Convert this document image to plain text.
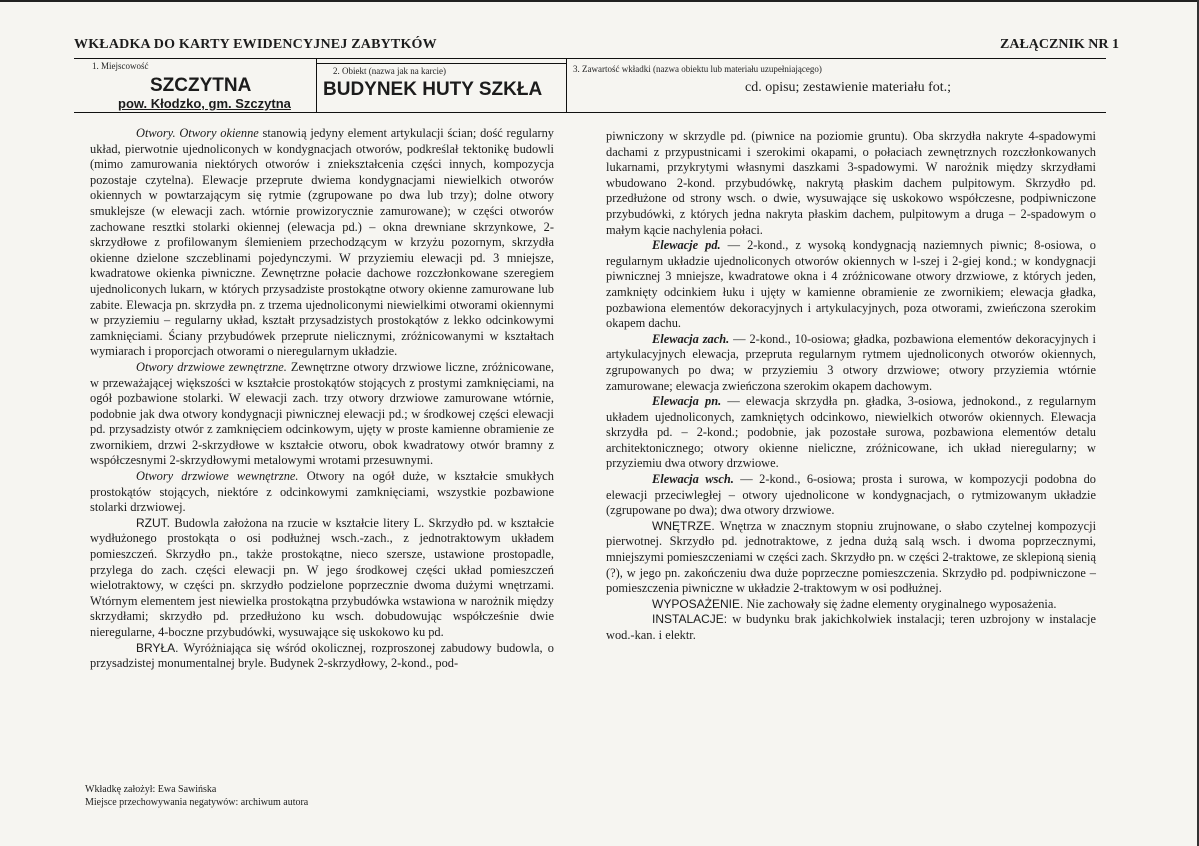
WKŁADKA DO KARTY EWIDENCYJNEJ ZABYTKÓW	ZAŁĄCZNIK NR 1
1. Miejscowość
SZCZYTNA
pow. Kłodzko, gm. Szczytna
2. Obiekt (nazwa jak na karcie)
BUDYNEK HUTY SZKŁA
3. Zawartość wkładki (nazwa obiektu lub materiału uzupełniającego)
cd. opisu; zestawienie materiału fot.;

Otwory. Otwory okienne stanowią jedyny element artykulacji ścian; dość regularny układ, pierwotnie ujednoliconych w kondygnacjach otworów, podkreślał tektonikę budowli (mimo zamurowania niektórych otworów i zniekształcenia części innych, kompozycja pozostaje czytelna). Elewacje przeprute dwiema kondygnacjami niewielkich otworów okiennych w powtarzającym się rytmie (zgrupowane po dwa lub trzy); dolne otwory smuklejsze (w elewacji zach. wtórnie prowizorycznie zamurowane); w części otworów zachowane resztki stolarki okiennej (elewacja pd.) – okna drewniane skrzynkowe, 2-skrzydłowe z profilowanym ślemieniem przechodzącym w krzyżu pozornym, skrzydła okienne dzielone szczeblinami pojedynczymi. W przyziemiu elewacji pd. 3 mniejsze, kwadratowe okienka piwniczne. Zewnętrzne połacie dachowe rozczłonkowane szeregiem ujednoliconych lukarn, w których przysadziste prostokątne otwory okienne zamurowane lub zabite. Elewacja pn. skrzydła pn. z trzema ujednoliconymi niewielkimi otworami okiennymi w przyziemiu – regularny układ, kształt przysadzistych prostokątów z lekko odcinkowymi zamknięciami. Ściany przybudówek przeprute nielicznymi, zróżnicowanymi w kształtach wymiarach i proporcjach otworami o nieregularnym układzie.

Otwory drzwiowe zewnętrzne. Zewnętrzne otwory drzwiowe liczne, zróżnicowane, w przeważającej większości w kształcie prostokątów stojących z prostymi zamknięciami, na ogół pozbawione stolarki. W elewacji zach. trzy otwory drzwiowe zamurowane wtórnie, podobnie jak dwa otwory kondygnacji piwnicznej elewacji pd.; w środkowej części elewacji pd. przysadzisty otwór z zamknięciem odcinkowym, ujęty w proste kamienne obramienie ze zwornikiem, drzwi 2-skrzydłowe w kształcie otworu, obok kwadratowy otwór bramny z współczesnymi 2-skrzydłowymi metalowymi wrotami przesuwnymi.

Otwory drzwiowe wewnętrzne. Otwory na ogół duże, w kształcie smukłych prostokątów stojących, niektóre z odcinkowymi zamknięciami, wszystkie pozbawione stolarki drzwiowej.

RZUT. Budowla założona na rzucie w kształcie litery L. Skrzydło pd. w kształcie wydłużonego prostokąta o osi podłużnej wsch.-zach., z jednotraktowym układem pomieszczeń. Skrzydło pn., także prostokątne, nieco szersze, ustawione prostopadle, przylega do zach. części elewacji pn. W jego środkowej części układ pomieszczeń wielotraktowy, w części pn. skrzydło podzielone poprzecznie dwoma dużymi wnętrzami. Wtórnym elementem jest niewielka prostokątna przybudówka wstawiona w narożnik między skrzydłami; skrzydło pd. przedłużono ku wsch. dobudowując współcześnie dwie nieregularne, 4-boczne przybudówki, wysuwające się uskokowo ku pd.

BRYŁA. Wyróżniająca się wśród okolicznej, rozproszonej zabudowy budowla, o przysadzistej monumentalnej bryle. Budynek 2-skrzydłowy, 2-kond., pod-

piwniczony w skrzydle pd. (piwnice na poziomie gruntu). Oba skrzydła nakryte 4-spadowymi dachami z przypustnicami i szerokimi okapami, o połaciach zewnętrznych rozczłonkowanych lukarnami, przykrytymi własnymi daszkami 3-spadowymi. W narożnik między skrzydłami wbudowano 2-kond. przybudówkę, nakrytą płaskim dachem pulpitowym. Skrzydło pd. przedłużone od strony wsch. o dwie, wysuwające się uskokowo współczesne, podpiwniczone przybudówki, z których jedna nakryta płaskim dachem, pulpitowym a druga – 2-spadowym o małym kącie nachylenia połaci.

Elewacje pd. — 2-kond., z wysoką kondygnacją naziemnych piwnic; 8-osiowa, o regularnym układzie ujednoliconych otworów okiennych w l-szej i 2-giej kond.; w kondygnacji piwnicznej 3 mniejsze, kwadratowe okna i 4 zróżnicowane otwory drzwiowe, z których jeden, zamknięty odcinkiem łuku i ujęty w kamienne obramienie ze zwornikiem; elewacja gładka, pozbawiona elementów dekoracyjnych i artykulacyjnych, poza otworami, zwieńczona szerokim okapem dachu.

Elewacja zach. — 2-kond., 10-osiowa; gładka, pozbawiona elementów dekoracyjnych i artykulacyjnych elewacja, przepruta regularnym rytmem ujednoliconych otworów okiennych, zgrupowanych po dwa; w przyziemiu 3 otwory drzwiowe; otwory przyziemia wtórnie zamurowane; elewacja zwieńczona szerokim okapem dachowym.

Elewacja pn. — elewacja skrzydła pn. gładka, 3-osiowa, jednokond., z regularnym układem ujednoliconych, zamkniętych odcinkowo, niewielkich otworów okiennych. Elewacja skrzydła pd. – 2-kond.; podobnie, jak pozostałe surowa, pozbawiona elementów detalu architektonicznego; otwory okienne nieliczne, zróżnicowane, ich układ nieregularny; w przyziemiu dwa otwory drzwiowe.

Elewacja wsch. — 2-kond., 6-osiowa; prosta i surowa, w kompozycji podobna do elewacji przeciwległej – otwory ujednolicone w kondygnacjach, o rytmizowanym układzie (zgrupowane po dwa); dwa otwory drzwiowe.

WNĘTRZE. Wnętrza w znacznym stopniu zrujnowane, o słabo czytelnej kompozycji pierwotnej. Skrzydło pd. jednotraktowe, z jedna dużą salą wsch. i dwoma poprzecznymi, mniejszymi pomieszczeniami w części zach. Skrzydło pn. w części 2-traktowe, ze sklepioną sienią (?), w jego pn. zakończeniu dwa duże poprzeczne pomieszczenia. Skrzydło pd. podpiwniczone – pomieszczenia piwniczne w układzie 2-traktowym w osi podłużnej.

WYPOSAŻENIE. Nie zachowały się żadne elementy oryginalnego wyposażenia.

INSTALACJE: w budynku brak jakichkolwiek instalacji; teren uzbrojony w instalacje wod.-kan. i elektr.

Wkładkę założył: Ewa Sawińska
Miejsce przechowywania negatywów: archiwum autora
